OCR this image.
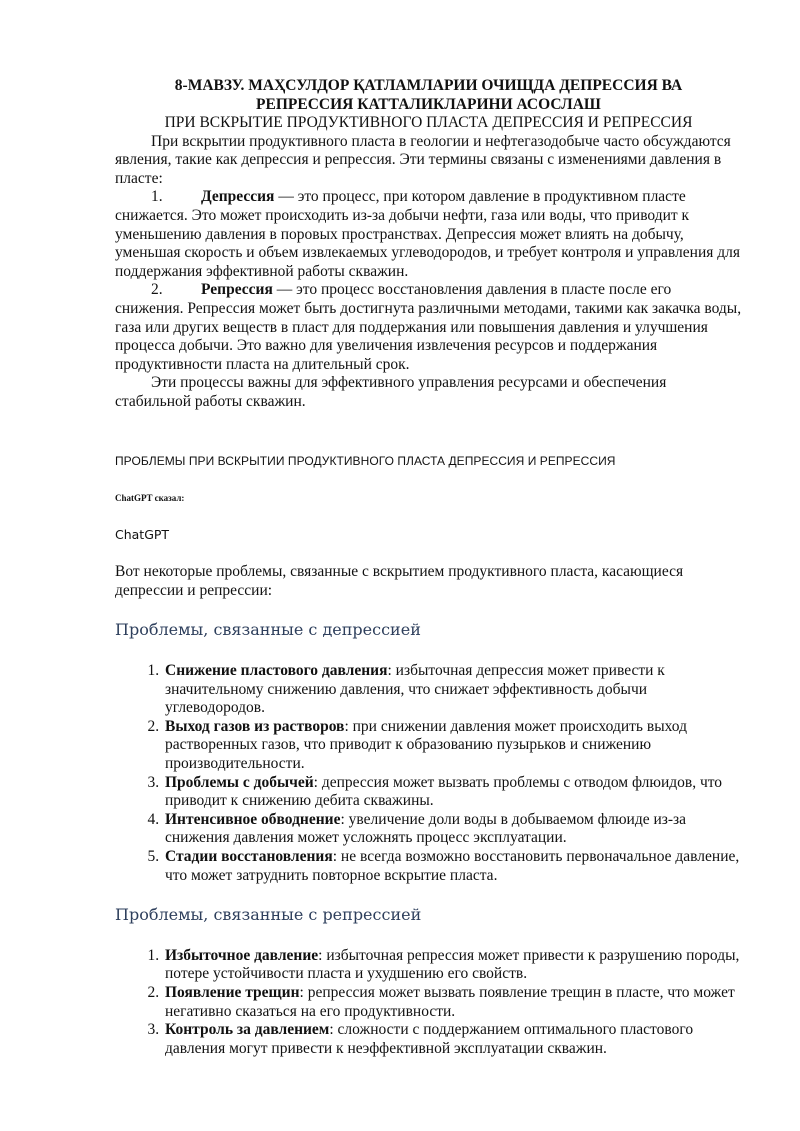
8-МАВЗУ. МАҲСУЛДОР ҚАТЛАМЛАРИИ ОЧИЩДА ДЕПРЕССИЯ ВА

РЕПРЕССИЯ КАТТАЛИКЛАРИНИ АСОСЛАШ

ПРИ ВСКРЫТИЕ ПРОДУКТИВНОГО ПЛАСТА ДЕПРЕССИЯ И РЕПРЕССИЯ

При вскрытии продуктивного пласта в геологии и нефтегазодобыче часто обсуждаются явления, такие как депрессия и репрессия. Эти термины связаны с изменениями давления в пласте:

1. Депрессия — это процесс, при котором давление в продуктивном пласте снижается. Это может происходить из-за добычи нефти, газа или воды, что приводит к уменьшению давления в поровых пространствах. Депрессия может влиять на добычу, уменьшая скорость и объем извлекаемых углеводородов, и требует контроля и управления для поддержания эффективной работы скважин.

2. Репрессия — это процесс восстановления давления в пласте после его снижения. Репрессия может быть достигнута различными методами, такими как закачка воды, газа или других веществ в пласт для поддержания или повышения давления и улучшения процесса добычи. Это важно для увеличения извлечения ресурсов и поддержания продуктивности пласта на длительный срок.

Эти процессы важны для эффективного управления ресурсами и обеспечения стабильной работы скважин.

ПРОБЛЕМЫ ПРИ ВСКРЫТИИ ПРОДУКТИВНОГО ПЛАСТА ДЕПРЕССИЯ И РЕПРЕССИЯ

ChatGPT сказал:

ChatGPT

Вот некоторые проблемы, связанные с вскрытием продуктивного пласта, касающиеся депрессии и репрессии:

Проблемы, связанные с депрессией

1. Снижение пластового давления: избыточная депрессия может привести к значительному снижению давления, что снижает эффективность добычи углеводородов.
2. Выход газов из растворов: при снижении давления может происходить выход растворенных газов, что приводит к образованию пузырьков и снижению производительности.
3. Проблемы с добычей: депрессия может вызвать проблемы с отводом флюидов, что приводит к снижению дебита скважины.
4. Интенсивное обводнение: увеличение доли воды в добываемом флюиде из-за снижения давления может усложнять процесс эксплуатации.
5. Стадии восстановления: не всегда возможно восстановить первоначальное давление, что может затруднить повторное вскрытие пласта.

Проблемы, связанные с репрессией

1. Избыточное давление: избыточная репрессия может привести к разрушению породы, потере устойчивости пласта и ухудшению его свойств.
2. Появление трещин: репрессия может вызвать появление трещин в пласте, что может негативно сказаться на его продуктивности.
3. Контроль за давлением: сложности с поддержанием оптимального пластового давления могут привести к неэффективной эксплуатации скважин.
